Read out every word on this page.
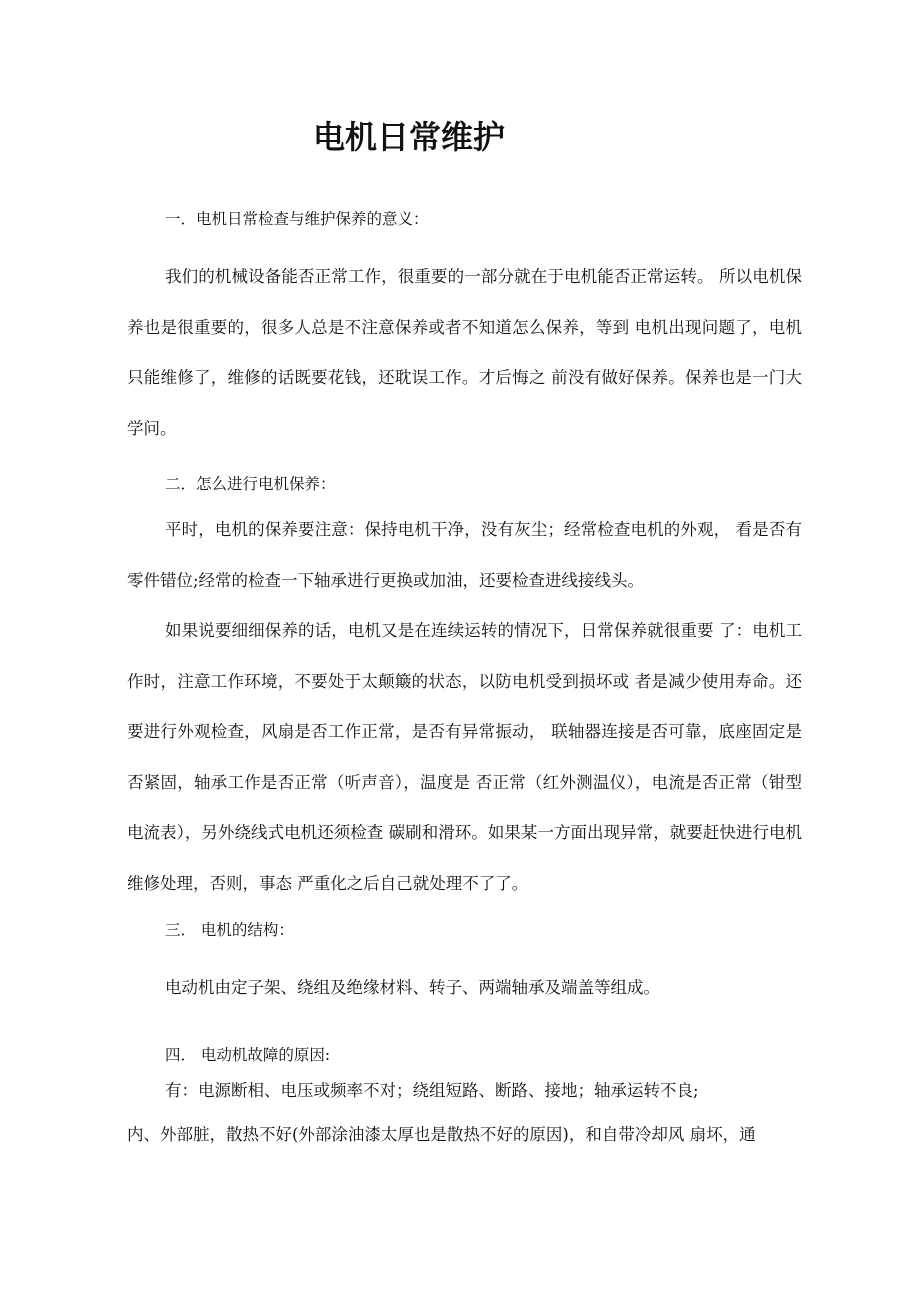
电机日常维护
一．电机日常检查与维护保养的意义：

我们的机械设备能否正常工作，很重要的一部分就在于电机能否正常运转。 所以电机保养也是很重要的，很多人总是不注意保养或者不知道怎么保养，等到 电机出现问题了，电机只能维修了，维修的话既要花钱，还耽误工作。才后悔之 前没有做好保养。保养也是一门大学问。

二．怎么进行电机保养：

平时，电机的保养要注意：保持电机干净，没有灰尘；经常检查电机的外观， 看是否有零件错位;经常的检查一下轴承进行更换或加油，还要检查进线接线头。

如果说要细细保养的话，电机又是在连续运转的情况下，日常保养就很重要 了：电机工作时，注意工作环境，不要处于太颠簸的状态，以防电机受到损坏或 者是减少使用寿命。还要进行外观检查，风扇是否工作正常，是否有异常振动， 联轴器连接是否可靠，底座固定是否紧固，轴承工作是否正常（听声音），温度是 否正常（红外测温仪），电流是否正常（钳型电流表），另外绕线式电机还须检查 碳刷和滑环。如果某一方面出现异常，就要赶快进行电机维修处理，否则，事态 严重化之后自己就处理不了了。

三． 电机的结构：
电动机由定子架、绕组及绝缘材料、转子、两端轴承及端盖等组成。
四． 电动机故障的原因:
有：电源断相、电压或频率不对；绕组短路、断路、接地；轴承运转不良;
内、外部脏，散热不好(外部涂油漆太厚也是散热不好的原因)，和自带冷却风 扇坏，通
